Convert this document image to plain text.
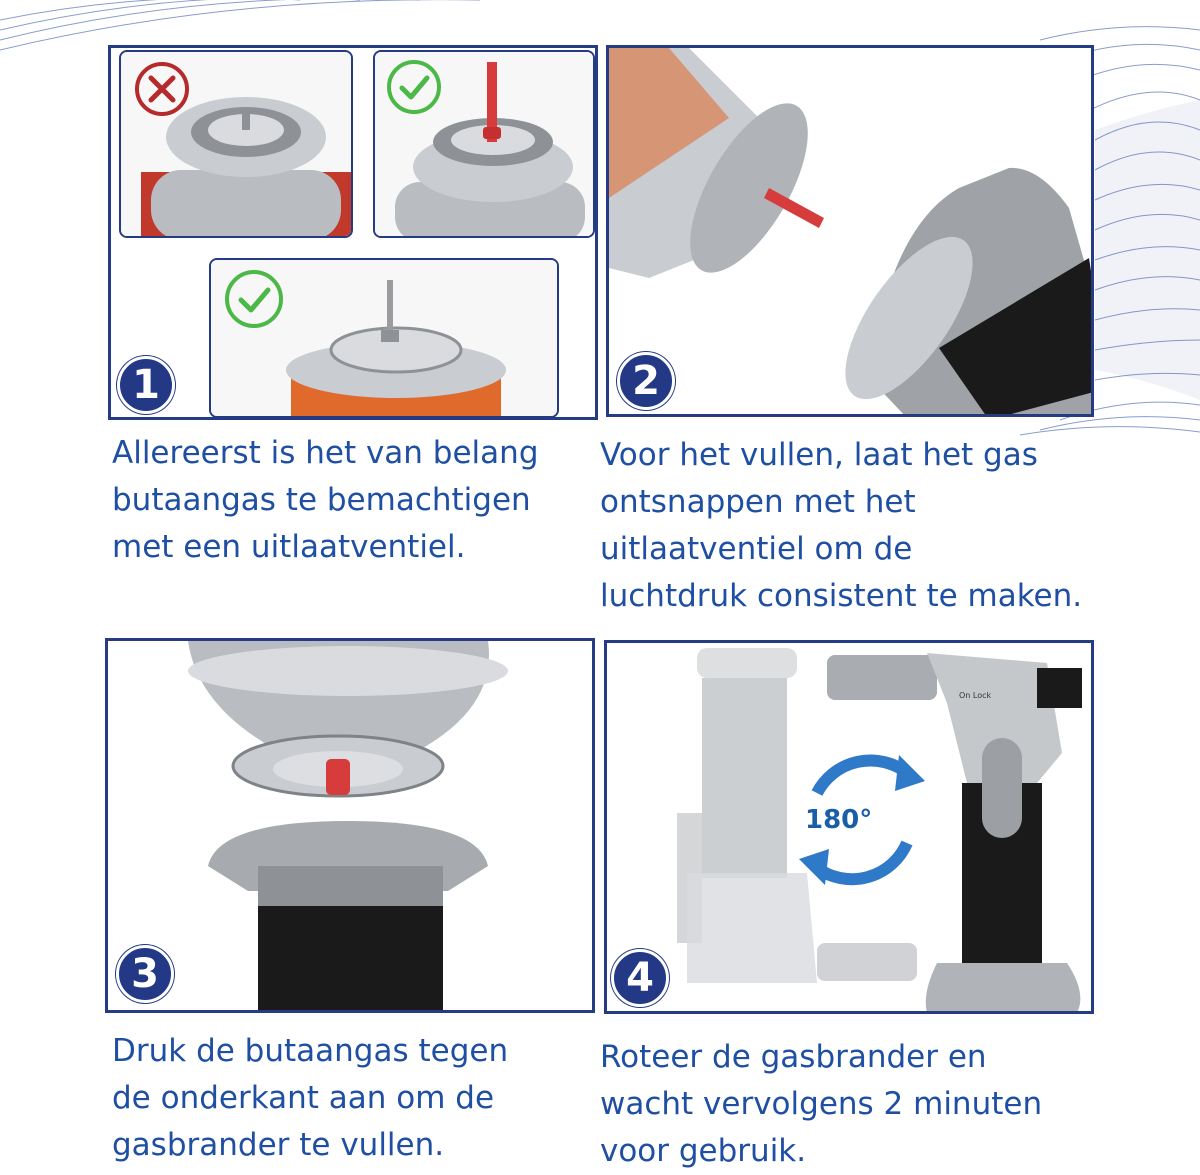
1	2
Allereerst is het van belang
butaangas te bemachtigen
met een uitlaatventiel.
Voor het vullen, laat het gas
ontsnappen met het
uitlaatventiel om de
luchtdruk consistent te maken.
3
180°
On Lock
4
Druk de butaangas tegen
de onderkant aan om de
gasbrander te vullen.
Roteer de gasbrander en
wacht vervolgens 2 minuten
voor gebruik.
